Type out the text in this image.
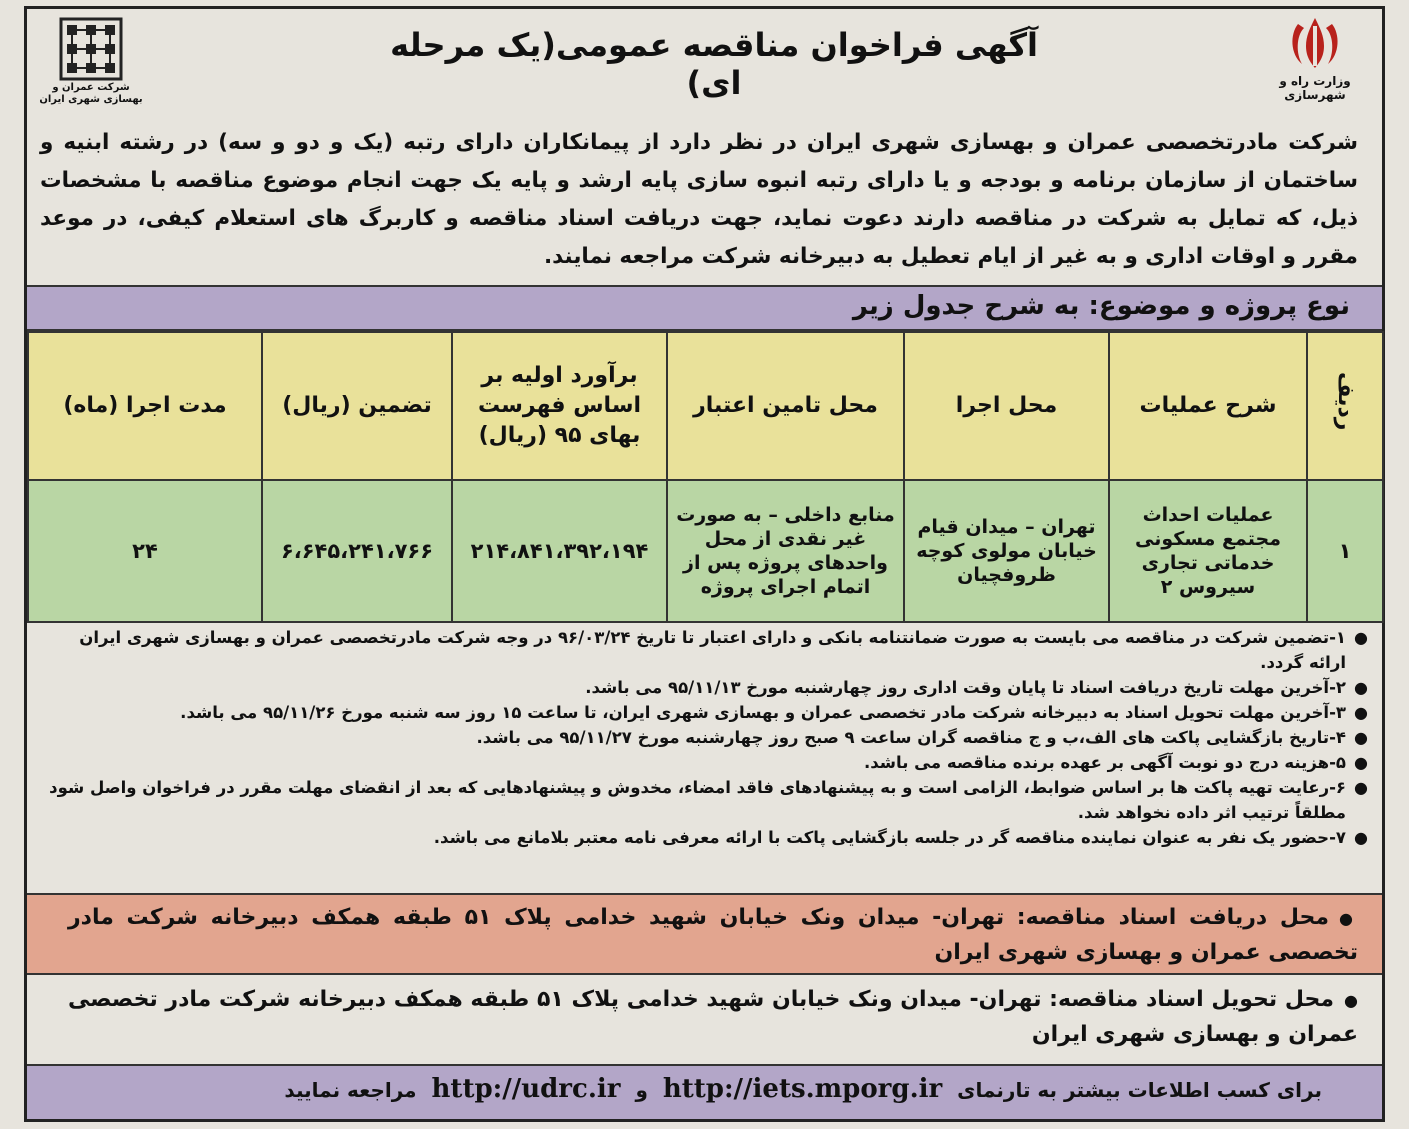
وزارت راه و شهرسازی
آگهی فراخوان مناقصه عمومی(یک مرحله ای)
شرکت عمران و بهسازی شهری ایران
شرکت مادرتخصصی عمران و بهسازی شهری ایران در نظر دارد از پیمانکاران دارای رتبه (یک و دو و سه) در رشته ابنیه و ساختمان از سازمان برنامه و بودجه و یا دارای رتبه انبوه سازی پایه ارشد و پایه یک جهت انجام موضوع مناقصه با مشخصات ذیل، که تمایل به شرکت در مناقصه دارند دعوت نماید، جهت دریافت اسناد مناقصه و کاربرگ های استعلام کیفی، در موعد مقرر و اوقات اداری و به غیر از ایام تعطیل به دبیرخانه شرکت مراجعه نمایند.
نوع پروژه و موضوع: به شرح جدول زیر
ردیف	شرح عملیات	محل اجرا	محل تامین اعتبار	برآورد اولیه بر اساس فهرست بهای ۹۵ (ریال)	تضمین (ریال)	مدت اجرا (ماه)
۱	عملیات احداث مجتمع مسکونی خدماتی تجاری سیروس ۲	تهران – میدان قیام خیابان مولوی کوچه ظروفچیان	منابع داخلی – به صورت غیر نقدی از محل واحدهای پروژه پس از اتمام اجرای پروژه	۲۱۴،۸۴۱،۳۹۲،۱۹۴	۶،۶۴۵،۲۴۱،۷۶۶	۲۴
●
۱-تضمین شرکت در مناقصه می بایست به صورت ضمانتنامه بانکی و دارای اعتبار تا تاریخ ۹۶/۰۳/۲۴ در وجه شرکت مادرتخصصی عمران و بهسازی شهری ایران ارائه گردد.
●
۲-آخرین مهلت تاریخ دریافت اسناد تا پایان وقت اداری روز چهارشنبه مورخ ۹۵/۱۱/۱۳ می باشد.
●
۳-آخرین مهلت تحویل اسناد به دبیرخانه شرکت مادر تخصصی عمران و بهسازی شهری ایران، تا ساعت ۱۵ روز سه شنبه مورخ ۹۵/۱۱/۲۶ می باشد.
●
۴-تاریخ بازگشایی پاکت های الف،ب و ج مناقصه گران ساعت ۹ صبح روز چهارشنبه مورخ ۹۵/۱۱/۲۷ می باشد.
●
۵-هزینه درج دو نوبت آگهی بر عهده برنده مناقصه می باشد.
●
۶-رعایت تهیه پاکت ها بر اساس ضوابط، الزامی است و به پیشنهادهای فاقد امضاء، مخدوش و پیشنهادهایی که بعد از انقضای مهلت مقرر در فراخوان واصل شود مطلقاً ترتیب اثر داده نخواهد شد.
●
۷-حضور یک نفر به عنوان نماینده مناقصه گر در جلسه بازگشایی پاکت با ارائه معرفی نامه معتبر بلامانع می باشد.
●محل دریافت اسناد مناقصه: تهران- میدان ونک خیابان شهید خدامی پلاک ۵۱ طبقه همکف دبیرخانه شرکت مادر تخصصی عمران و بهسازی شهری ایران
●محل تحویل اسناد مناقصه: تهران- میدان ونک خیابان شهید خدامی پلاک ۵۱ طبقه همکف دبیرخانه شرکت مادر تخصصی عمران و بهسازی شهری ایران
برای کسب اطلاعات بیشتر به تارنمای http://iets.mporg.ir و http://udrc.ir مراجعه نمایید
